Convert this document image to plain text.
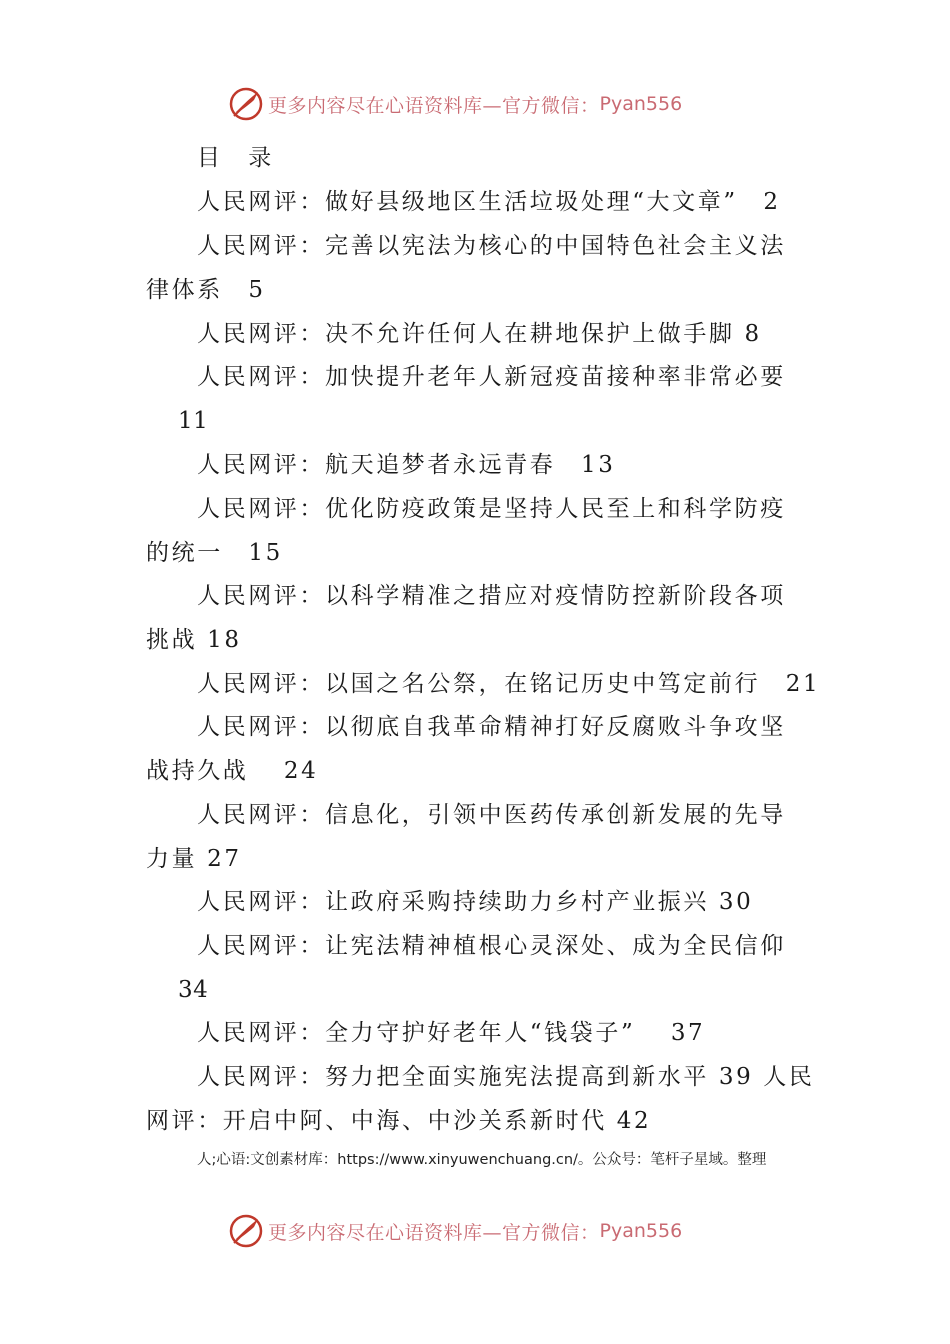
更多内容尽在心语资料库—官方微信： Pyan556
目　录
人民网评：做好县级地区生活垃圾处理“大文章”　2
人民网评：完善以宪法为核心的中国特色社会主义法
律体系　5
人民网评：决不允许任何人在耕地保护上做手脚 8
人民网评：加快提升老年人新冠疫苗接种率非常必要
11
人民网评：航天追梦者永远青春　13
人民网评：优化防疫政策是坚持人民至上和科学防疫
的统一　15
人民网评：以科学精准之措应对疫情防控新阶段各项
挑战 18
人民网评：以国之名公祭，在铭记历史中笃定前行　21
人民网评：以彻底自我革命精神打好反腐败斗争攻坚
战持久战　 24
人民网评：信息化，引领中医药传承创新发展的先导
力量 27
人民网评：让政府采购持续助力乡村产业振兴 30
人民网评：让宪法精神植根心灵深处、成为全民信仰
34
人民网评：全力守护好老年人“钱袋子”　 37
人民网评：努力把全面实施宪法提高到新水平 39 人民
网评：开启中阿、中海、中沙关系新时代 42
人;心语:文创素材库：https://www.xinyuwenchuang.cn/。公众号：笔杆子星域。整理
更多内容尽在心语资料库—官方微信： Pyan556
